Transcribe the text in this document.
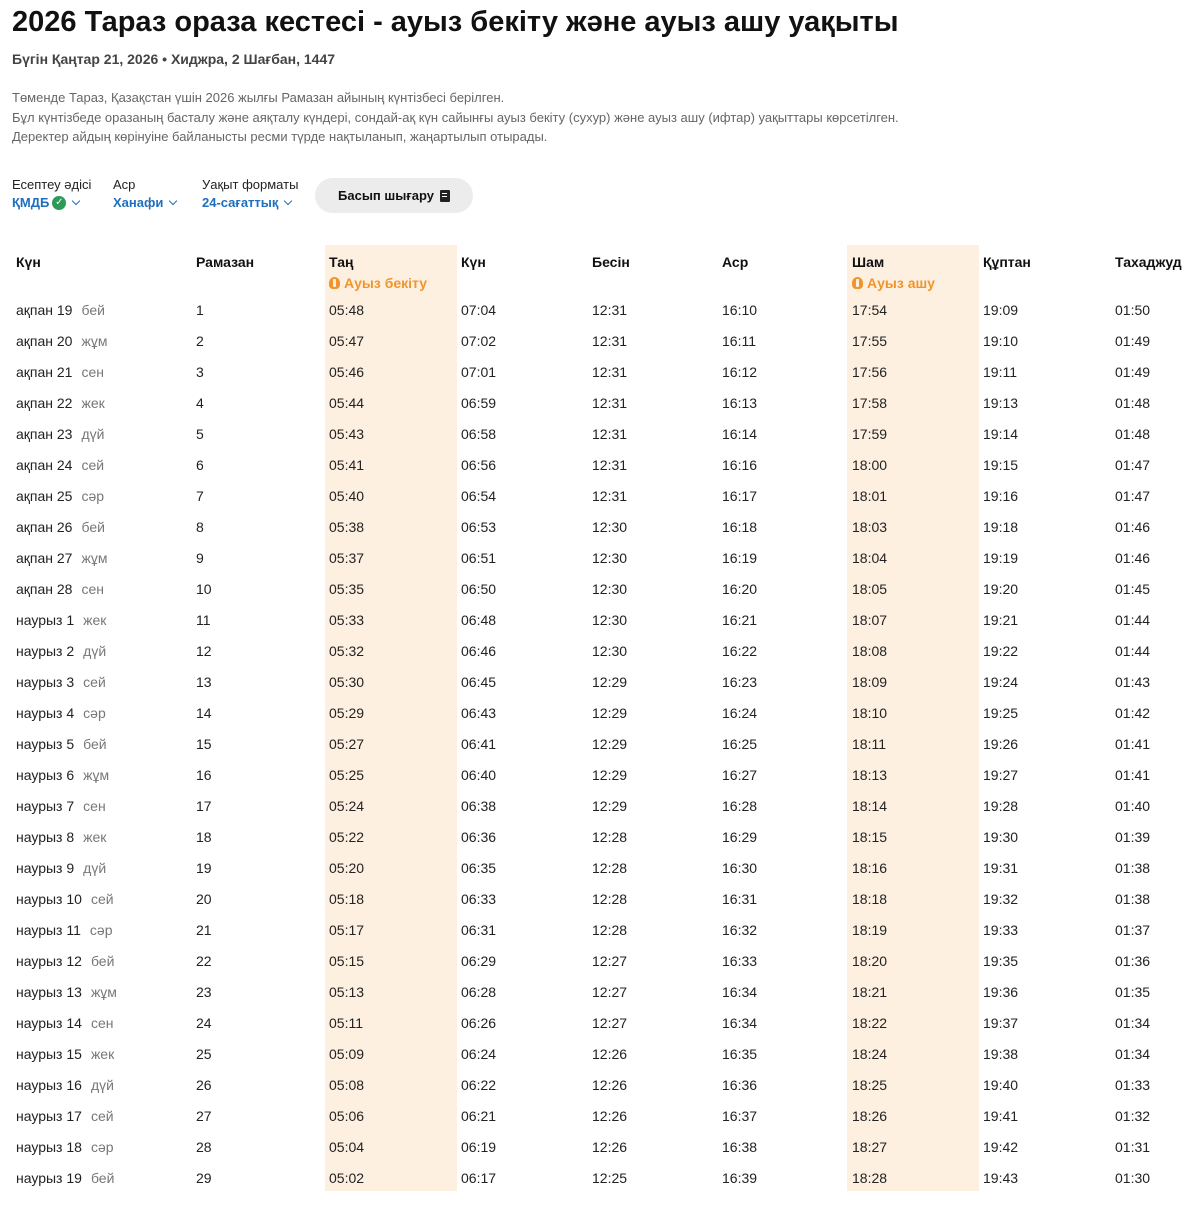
2026 Тараз ораза кестесі - ауыз бекіту және ауыз ашу уақыты
Бүгін Қаңтар 21, 2026 • Хиджра, 2 Шағбан, 1447
Төменде Тараз, Қазақстан үшін 2026 жылғы Рамазан айының күнтізбесі берілген.
Бұл күнтізбеде оразаның басталу және аяқталу күндері, сондай-ақ күн сайынғы ауыз бекіту (сухур) және ауыз ашу (ифтар) уақыттары көрсетілген.
Деректер айдың көрінуіне байланысты ресми түрде нақтыланып, жаңартылып отырады.
Есептеу әдісі
ҚМДБ ✓
Аср
Ханафи
Уақыт форматы
24-сағаттық	Басып шығару
Күн	Рамазан	Таң
Ауыз бекіту
Күн	Бесін	Аср	Шам
Ауыз ашу
Құптан	Тахаджуд
ақпан 19 бей	1	05:48	07:04	12:31	16:10	17:54	19:09	01:50
ақпан 20 жұм	2	05:47	07:02	12:31	16:11	17:55	19:10	01:49
ақпан 21 сен	3	05:46	07:01	12:31	16:12	17:56	19:11	01:49
ақпан 22 жек	4	05:44	06:59	12:31	16:13	17:58	19:13	01:48
ақпан 23 дүй	5	05:43	06:58	12:31	16:14	17:59	19:14	01:48
ақпан 24 сей	6	05:41	06:56	12:31	16:16	18:00	19:15	01:47
ақпан 25 сәр	7	05:40	06:54	12:31	16:17	18:01	19:16	01:47
ақпан 26 бей	8	05:38	06:53	12:30	16:18	18:03	19:18	01:46
ақпан 27 жұм	9	05:37	06:51	12:30	16:19	18:04	19:19	01:46
ақпан 28 сен	10	05:35	06:50	12:30	16:20	18:05	19:20	01:45
наурыз 1 жек	11	05:33	06:48	12:30	16:21	18:07	19:21	01:44
наурыз 2 дүй	12	05:32	06:46	12:30	16:22	18:08	19:22	01:44
наурыз 3 сей	13	05:30	06:45	12:29	16:23	18:09	19:24	01:43
наурыз 4 сәр	14	05:29	06:43	12:29	16:24	18:10	19:25	01:42
наурыз 5 бей	15	05:27	06:41	12:29	16:25	18:11	19:26	01:41
наурыз 6 жұм	16	05:25	06:40	12:29	16:27	18:13	19:27	01:41
наурыз 7 сен	17	05:24	06:38	12:29	16:28	18:14	19:28	01:40
наурыз 8 жек	18	05:22	06:36	12:28	16:29	18:15	19:30	01:39
наурыз 9 дүй	19	05:20	06:35	12:28	16:30	18:16	19:31	01:38
наурыз 10 сей	20	05:18	06:33	12:28	16:31	18:18	19:32	01:38
наурыз 11 сәр	21	05:17	06:31	12:28	16:32	18:19	19:33	01:37
наурыз 12 бей	22	05:15	06:29	12:27	16:33	18:20	19:35	01:36
наурыз 13 жұм	23	05:13	06:28	12:27	16:34	18:21	19:36	01:35
наурыз 14 сен	24	05:11	06:26	12:27	16:34	18:22	19:37	01:34
наурыз 15 жек	25	05:09	06:24	12:26	16:35	18:24	19:38	01:34
наурыз 16 дүй	26	05:08	06:22	12:26	16:36	18:25	19:40	01:33
наурыз 17 сей	27	05:06	06:21	12:26	16:37	18:26	19:41	01:32
наурыз 18 сәр	28	05:04	06:19	12:26	16:38	18:27	19:42	01:31
наурыз 19 бей	29	05:02	06:17	12:25	16:39	18:28	19:43	01:30
